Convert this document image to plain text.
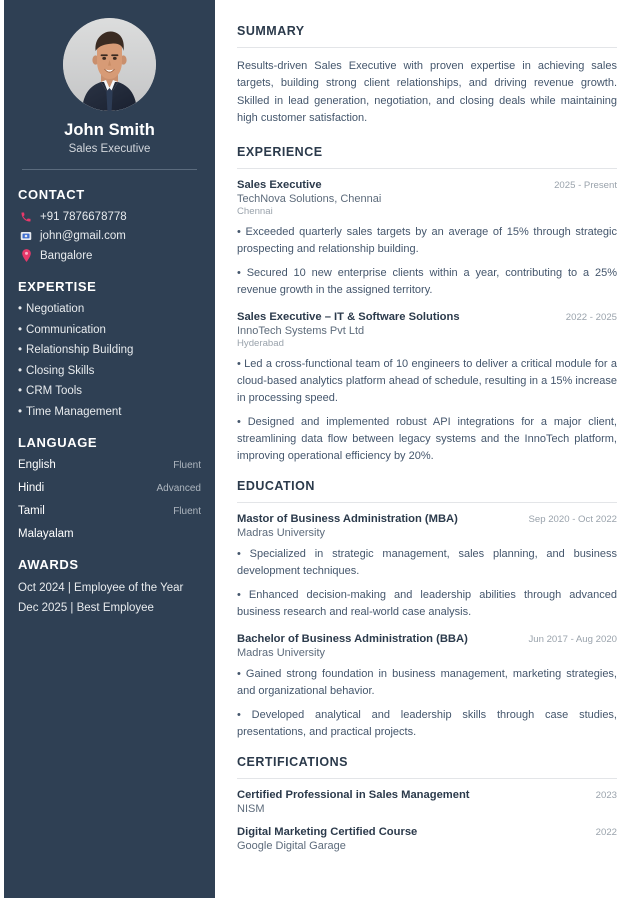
John Smith
Sales Executive
CONTACT
+91 7876678778
john@gmail.com
Bangalore
EXPERTISE
• Negotiation
• Communication
• Relationship Building
• Closing Skills
• CRM Tools
• Time Management
LANGUAGE
English	Fluent
Hindi	Advanced
Tamil	Fluent
Malayalam
AWARDS
Oct 2024 | Employee of the Year
Dec 2025 | Best Employee
SUMMARY
Results-driven Sales Executive with proven expertise in achieving sales targets, building strong client relationships, and driving revenue growth. Skilled in lead generation, negotiation, and closing deals while maintaining high customer satisfaction.
EXPERIENCE
Sales Executive	2025 - Present
TechNova Solutions, Chennai
Chennai
• Exceeded quarterly sales targets by an average of 15% through strategic prospecting and relationship building.
• Secured 10 new enterprise clients within a year, contributing to a 25% revenue growth in the assigned territory.
Sales Executive – IT & Software Solutions	2022 - 2025
InnoTech Systems Pvt Ltd
Hyderabad
• Led a cross-functional team of 10 engineers to deliver a critical module for a cloud-based analytics platform ahead of schedule, resulting in a 15% increase in processing speed.
• Designed and implemented robust API integrations for a major client, streamlining data flow between legacy systems and the InnoTech platform, improving operational efficiency by 20%.
EDUCATION
Mastor of Business Administration (MBA)	Sep 2020 - Oct 2022
Madras University
• Specialized in strategic management, sales planning, and business development techniques.
• Enhanced decision-making and leadership abilities through advanced business research and real-world case analysis.
Bachelor of Business Administration (BBA)	Jun 2017 - Aug 2020
Madras University
• Gained strong foundation in business management, marketing strategies, and organizational behavior.
• Developed analytical and leadership skills through case studies, presentations, and practical projects.
CERTIFICATIONS
Certified Professional in Sales Management	2023
NISM
Digital Marketing Certified Course	2022
Google Digital Garage
